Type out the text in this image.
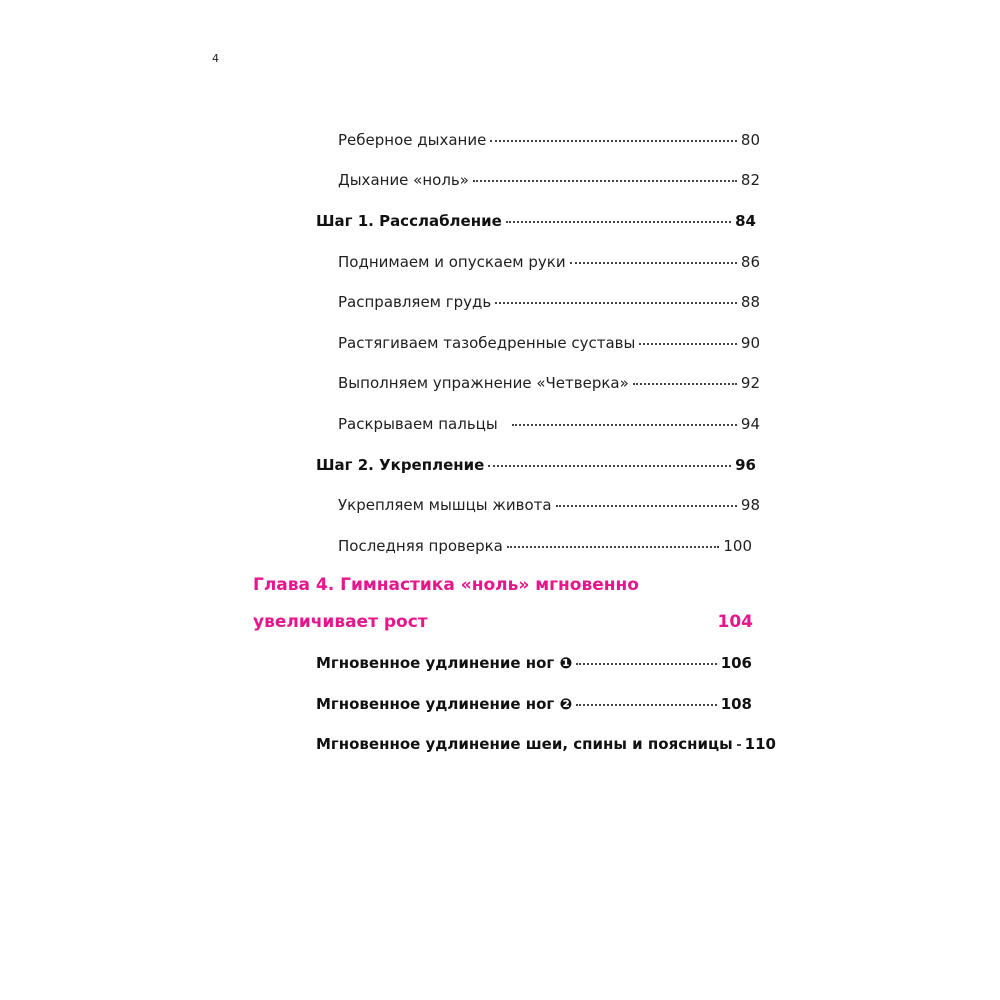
4
Реберное дыхание	80
Дыхание «ноль»	82
Шаг 1. Расслабление	84
Поднимаем и опускаем руки	86
Расправляем грудь	88
Растягиваем тазобедренные суставы	90
Выполняем упражнение «Четверка»	92
Раскрываем пальцы	94
Шаг 2. Укрепление	96
Укрепляем мышцы живота	98
Последняя проверка	100
Глава 4. Гимнастика «ноль» мгновенно
увеличивает рост	104
Мгновенное удлинение ног ❶	106
Мгновенное удлинение ног ❷	108
Мгновенное удлинение шеи, спины и поясницы 110
